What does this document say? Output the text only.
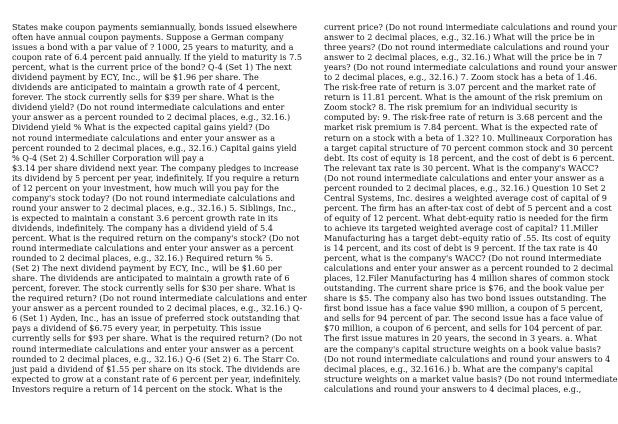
States make coupon payments semiannually, bonds issued elsewhere
often have annual coupon payments. Suppose a German company
issues a bond with a par value of ? 1000, 25 years to maturity, and a
coupon rate of 6.4 percent paid annually. If the yield to maturity is 7.5
percent, what is the current price of the bond? Q-4 (Set 1) The next
dividend payment by ECY, Inc., will be $1.96 per share. The
dividends are anticipated to maintain a growth rate of 4 percent,
forever. The stock currently sells for $39 per share. What is the
dividend yield? (Do not round intermediate calculations and enter
your answer as a percent rounded to 2 decimal places, e.g., 32.16.)
Dividend yield % What is the expected capital gains yield? (Do
not round intermediate calculations and enter your answer as a
percent rounded to 2 decimal places, e.g., 32.16.) Capital gains yield
% Q-4 (Set 2) 4.Schiller Corporation will pay a
$3.14 per share dividend next year. The company pledges to increase
its dividend by 5 percent per year, indefinitely. If you require a return
of 12 percent on your investment, how much will you pay for the
company's stock today? (Do not round intermediate calculations and
round your answer to 2 decimal places, e.g., 32.16.) 5. Siblings, Inc.,
is expected to maintain a constant 3.6 percent growth rate in its
dividends, indefinitely. The company has a dividend yield of 5.4
percent. What is the required return on the company's stock? (Do not
round intermediate calculations and enter your answer as a percent
rounded to 2 decimal places, e.g., 32.16.) Required return % 5.
(Set 2) The next dividend payment by ECY, Inc., will be $1.60 per
share. The dividends are anticipated to maintain a growth rate of 6
percent, forever. The stock currently sells for $30 per share. What is
the required return? (Do not round intermediate calculations and enter
your answer as a percent rounded to 2 decimal places, e.g., 32.16.) Q-
6 (Set 1) Ayden, Inc., has an issue of preferred stock outstanding that
pays a dividend of $6.75 every year, in perpetuity. This issue
currently sells for $93 per share. What is the required return? (Do not
round intermediate calculations and enter your answer as a percent
rounded to 2 decimal places, e.g., 32.16.) Q-6 (Set 2) 6. The Starr Co.
just paid a dividend of $1.55 per share on its stock. The dividends are
expected to grow at a constant rate of 6 percent per year, indefinitely.
Investors require a return of 14 percent on the stock. What is the
current price? (Do not round intermediate calculations and round your
answer to 2 decimal places, e.g., 32.16.) What will the price be in
three years? (Do not round intermediate calculations and round your
answer to 2 decimal places, e.g., 32.16.) What will the price be in 7
years? (Do not round intermediate calculations and round your answer
to 2 decimal places, e.g., 32.16.) 7. Zoom stock has a beta of 1.46.
The risk-free rate of return is 3.07 percent and the market rate of
return is 11.81 percent. What is the amount of the risk premium on
Zoom stock? 8. The risk premium for an individual security is
computed by: 9. The risk-free rate of return is 3.68 percent and the
market risk premium is 7.84 percent. What is the expected rate of
return on a stock with a beta of 1.32? 10. Mullineaux Corporation has
a target capital structure of 70 percent common stock and 30 percent
debt. Its cost of equity is 18 percent, and the cost of debt is 6 percent.
The relevant tax rate is 30 percent. What is the company's WACC?
(Do not round intermediate calculations and enter your answer as a
percent rounded to 2 decimal places, e.g., 32.16.) Question 10 Set 2
Central Systems, Inc. desires a weighted average cost of capital of 9
percent. The firm has an after-tax cost of debt of 5 percent and a cost
of equity of 12 percent. What debt-equity ratio is needed for the firm
to achieve its targeted weighted average cost of capital? 11.Miller
Manufacturing has a target debt–equity ratio of .55. Its cost of equity
is 14 percent, and its cost of debt is 9 percent. If the tax rate is 40
percent, what is the company's WACC? (Do not round intermediate
calculations and enter your answer as a percent rounded to 2 decimal
places, 12.Filer Manufacturing has 4 million shares of common stock
outstanding. The current share price is $76, and the book value per
share is $5. The company also has two bond issues outstanding. The
first bond issue has a face value $90 million, a coupon of 5 percent,
and sells for 94 percent of par. The second issue has a face value of
$70 million, a coupon of 6 percent, and sells for 104 percent of par.
The first issue matures in 20 years, the second in 3 years. a. What
are the company's capital structure weights on a book value basis?
(Do not round intermediate calculations and round your answers to 4
decimal places, e.g., 32.1616.) b. What are the company's capital
structure weights on a market value basis? (Do not round intermediate
calculations and round your answers to 4 decimal places, e.g.,
